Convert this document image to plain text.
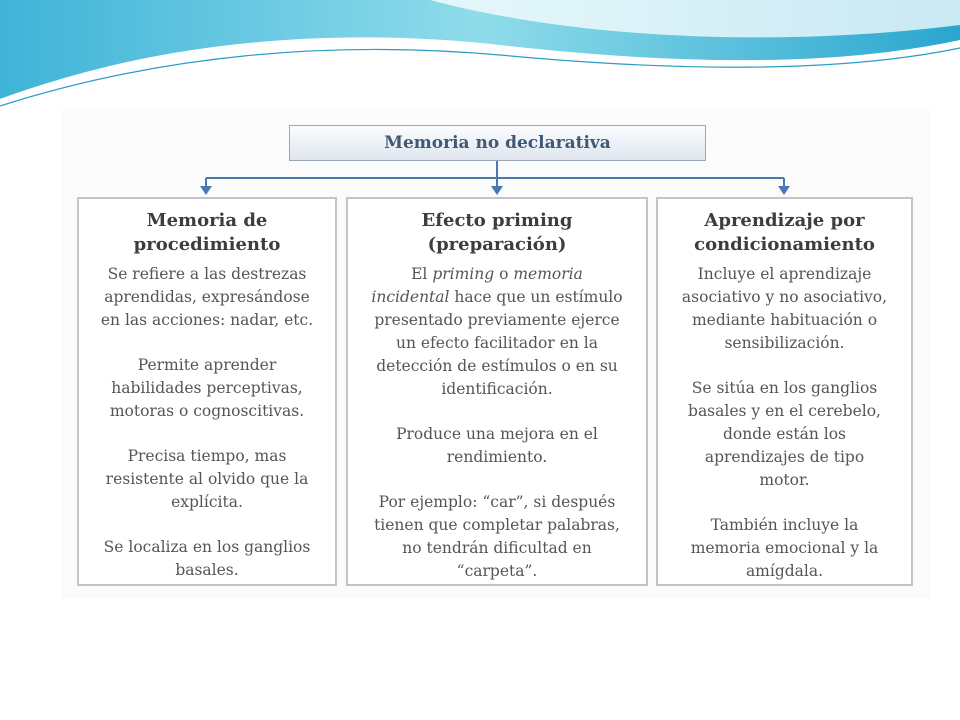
Memoria no declarativa
Memoria de
procedimiento
Se refiere a las destrezas
aprendidas, expresándose
en las acciones: nadar, etc.
Permite aprender
habilidades perceptivas,
motoras o cognoscitivas.
Precisa tiempo, mas
resistente al olvido que la
explícita.
Se localiza en los ganglios
basales.
Efecto priming
(preparación)
El priming o memoria
incidental hace que un estímulo
presentado previamente ejerce
un efecto facilitador en la
detección de estímulos o en su
identificación.
Produce una mejora en el
rendimiento.
Por ejemplo: “car”, si después
tienen que completar palabras,
no tendrán dificultad en
“carpeta”.
Aprendizaje por
condicionamiento
Incluye el aprendizaje
asociativo y no asociativo,
mediante habituación o
sensibilización.
Se sitúa en los ganglios
basales y en el cerebelo,
donde están los
aprendizajes de tipo
motor.
También incluye la
memoria emocional y la
amígdala.
